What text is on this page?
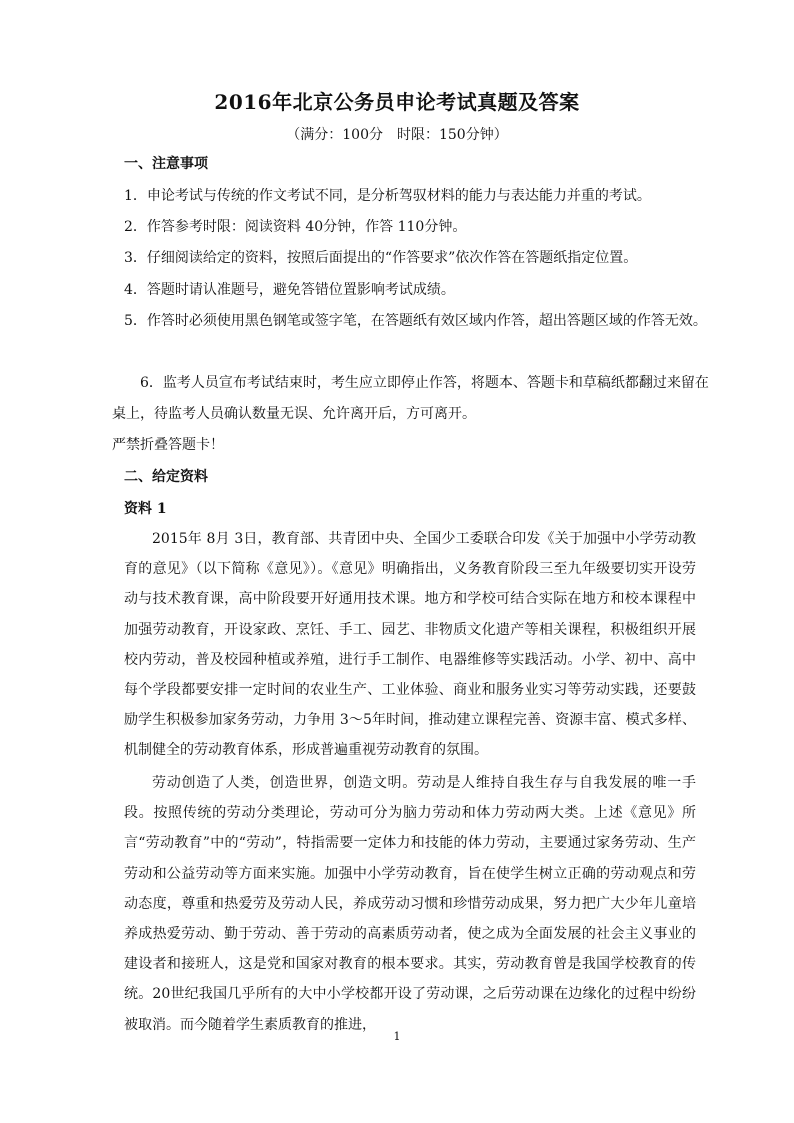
2016年北京公务员申论考试真题及答案
（满分：100分　时限：150分钟）
一、注意事项
1．申论考试与传统的作文考试不同，是分析驾驭材料的能力与表达能力并重的考试。
2．作答参考时限：阅读资料 40分钟，作答 110分钟。
3．仔细阅读给定的资料，按照后面提出的“作答要求”依次作答在答题纸指定位置。
4．答题时请认准题号，避免答错位置影响考试成绩。
5．作答时必须使用黑色钢笔或签字笔，在答题纸有效区域内作答，超出答题区域的作答无效。
6．监考人员宣布考试结束时，考生应立即停止作答，将题本、答题卡和草稿纸都翻过来留在
桌上，待监考人员确认数量无误、允许离开后，方可离开。
严禁折叠答题卡！
二、给定资料
资料 1
2015年 8月 3日，教育部、共青团中央、全国少工委联合印发《关于加强中小学劳动教育的意见》（以下简称《意见》）。《意见》明确指出，义务教育阶段三至九年级要切实开设劳动与技术教育课，高中阶段要开好通用技术课。地方和学校可结合实际在地方和校本课程中加强劳动教育，开设家政、烹饪、手工、园艺、非物质文化遗产等相关课程，积极组织开展校内劳动，普及校园种植或养殖，进行手工制作、电器维修等实践活动。小学、初中、高中每个学段都要安排一定时间的农业生产、工业体验、商业和服务业实习等劳动实践，还要鼓励学生积极参加家务劳动，力争用 3～5年时间，推动建立课程完善、资源丰富、模式多样、机制健全的劳动教育体系，形成普遍重视劳动教育的氛围。
劳动创造了人类，创造世界，创造文明。劳动是人维持自我生存与自我发展的唯一手段。按照传统的劳动分类理论，劳动可分为脑力劳动和体力劳动两大类。上述《意见》所言“劳动教育”中的“劳动”，特指需要一定体力和技能的体力劳动，主要通过家务劳动、生产劳动和公益劳动等方面来实施。加强中小学劳动教育，旨在使学生树立正确的劳动观点和劳动态度，尊重和热爱劳及劳动人民，养成劳动习惯和珍惜劳动成果，努力把广大少年儿童培养成热爱劳动、勤于劳动、善于劳动的高素质劳动者，使之成为全面发展的社会主义事业的建设者和接班人，这是党和国家对教育的根本要求。其实，劳动教育曾是我国学校教育的传统。20世纪我国几乎所有的大中小学校都开设了劳动课，之后劳动课在边缘化的过程中纷纷被取消。而今随着学生素质教育的推进，
1
